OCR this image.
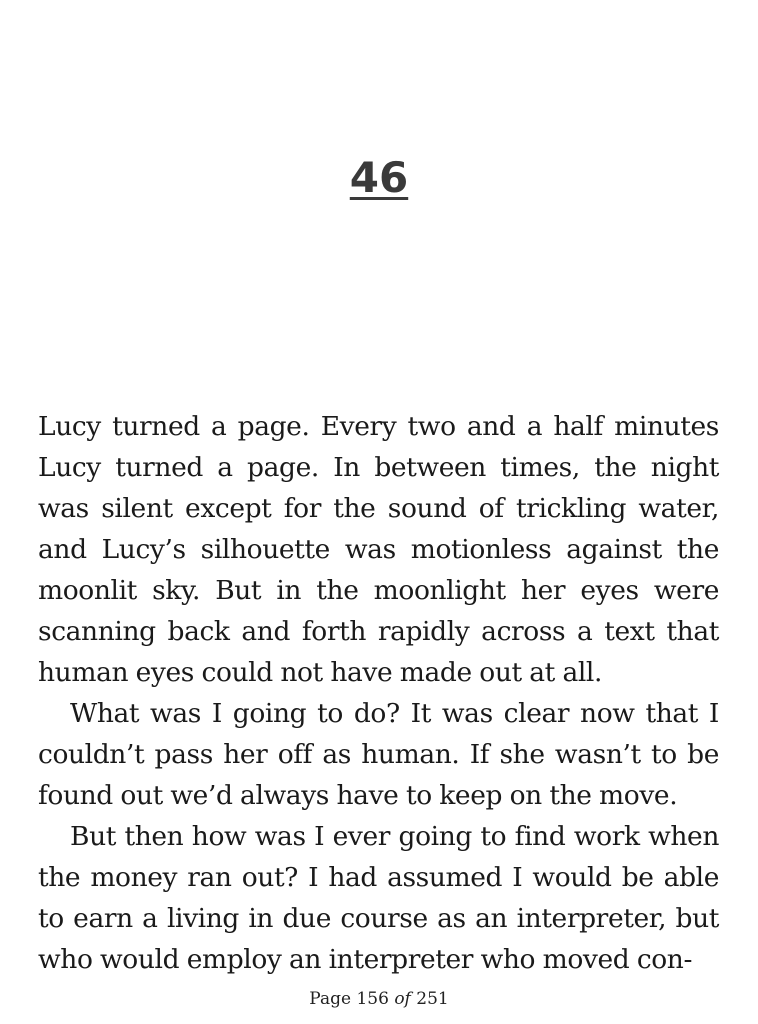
46

Lucy turned a page. Every two and a half minutes Lucy turned a page. In between times, the night was silent except for the sound of trickling water, and Lucy’s silhouette was motionless against the moonlit sky. But in the moonlight her eyes were scanning back and forth rapidly across a text that human eyes could not have made out at all.

What was I going to do? It was clear now that I couldn’t pass her off as human. If she wasn’t to be found out we’d always have to keep on the move.

But then how was I ever going to find work when the money ran out? I had assumed I would be able to earn a living in due course as an interpreter, but who would employ an interpreter who moved con-

Page 156 of 251
